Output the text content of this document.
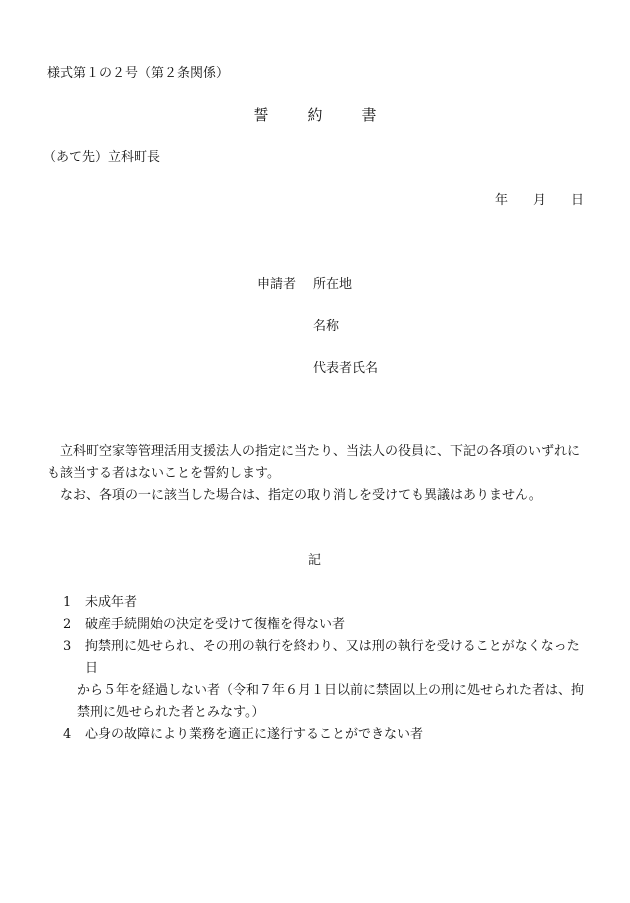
様式第１の２号（第２条関係）
誓　約　書
（あて先）立科町長
年 月 日
申請者 所在地
名称
代表者氏名

立科町空家等管理活用支援法人の指定に当たり、当法人の役員に、下記の各項のいずれにも該当する者はないことを誓約します。

なお、各項の一に該当した場合は、指定の取り消しを受けても異議はありません。

記
1	未成年者
2	破産手続開始の決定を受けて復権を得ない者
3	拘禁刑に処せられ、その刑の執行を終わり、又は刑の執行を受けることがなくなった日
から５年を経過しない者（令和７年６月１日以前に禁固以上の刑に処せられた者は、拘禁刑に処せられた者とみなす。）
4	心身の故障により業務を適正に遂行することができない者
